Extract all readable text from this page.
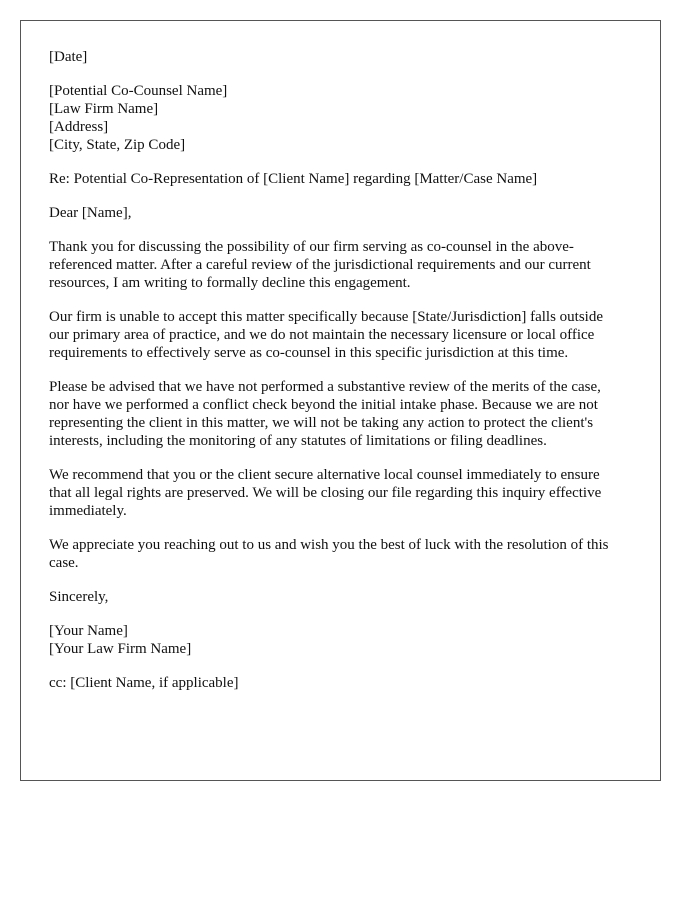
[Date]

[Potential Co-Counsel Name]
[Law Firm Name]
[Address]
[City, State, Zip Code]

Re: Potential Co-Representation of [Client Name] regarding [Matter/Case Name]

Dear [Name],

Thank you for discussing the possibility of our firm serving as co-counsel in the above-referenced matter. After a careful review of the jurisdictional requirements and our current resources, I am writing to formally decline this engagement.

Our firm is unable to accept this matter specifically because [State/Jurisdiction] falls outside our primary area of practice, and we do not maintain the necessary licensure or local office requirements to effectively serve as co-counsel in this specific jurisdiction at this time.

Please be advised that we have not performed a substantive review of the merits of the case, nor have we performed a conflict check beyond the initial intake phase. Because we are not representing the client in this matter, we will not be taking any action to protect the client's interests, including the monitoring of any statutes of limitations or filing deadlines.

We recommend that you or the client secure alternative local counsel immediately to ensure that all legal rights are preserved. We will be closing our file regarding this inquiry effective immediately.

We appreciate you reaching out to us and wish you the best of luck with the resolution of this case.

Sincerely,

[Your Name]
[Your Law Firm Name]

cc: [Client Name, if applicable]
